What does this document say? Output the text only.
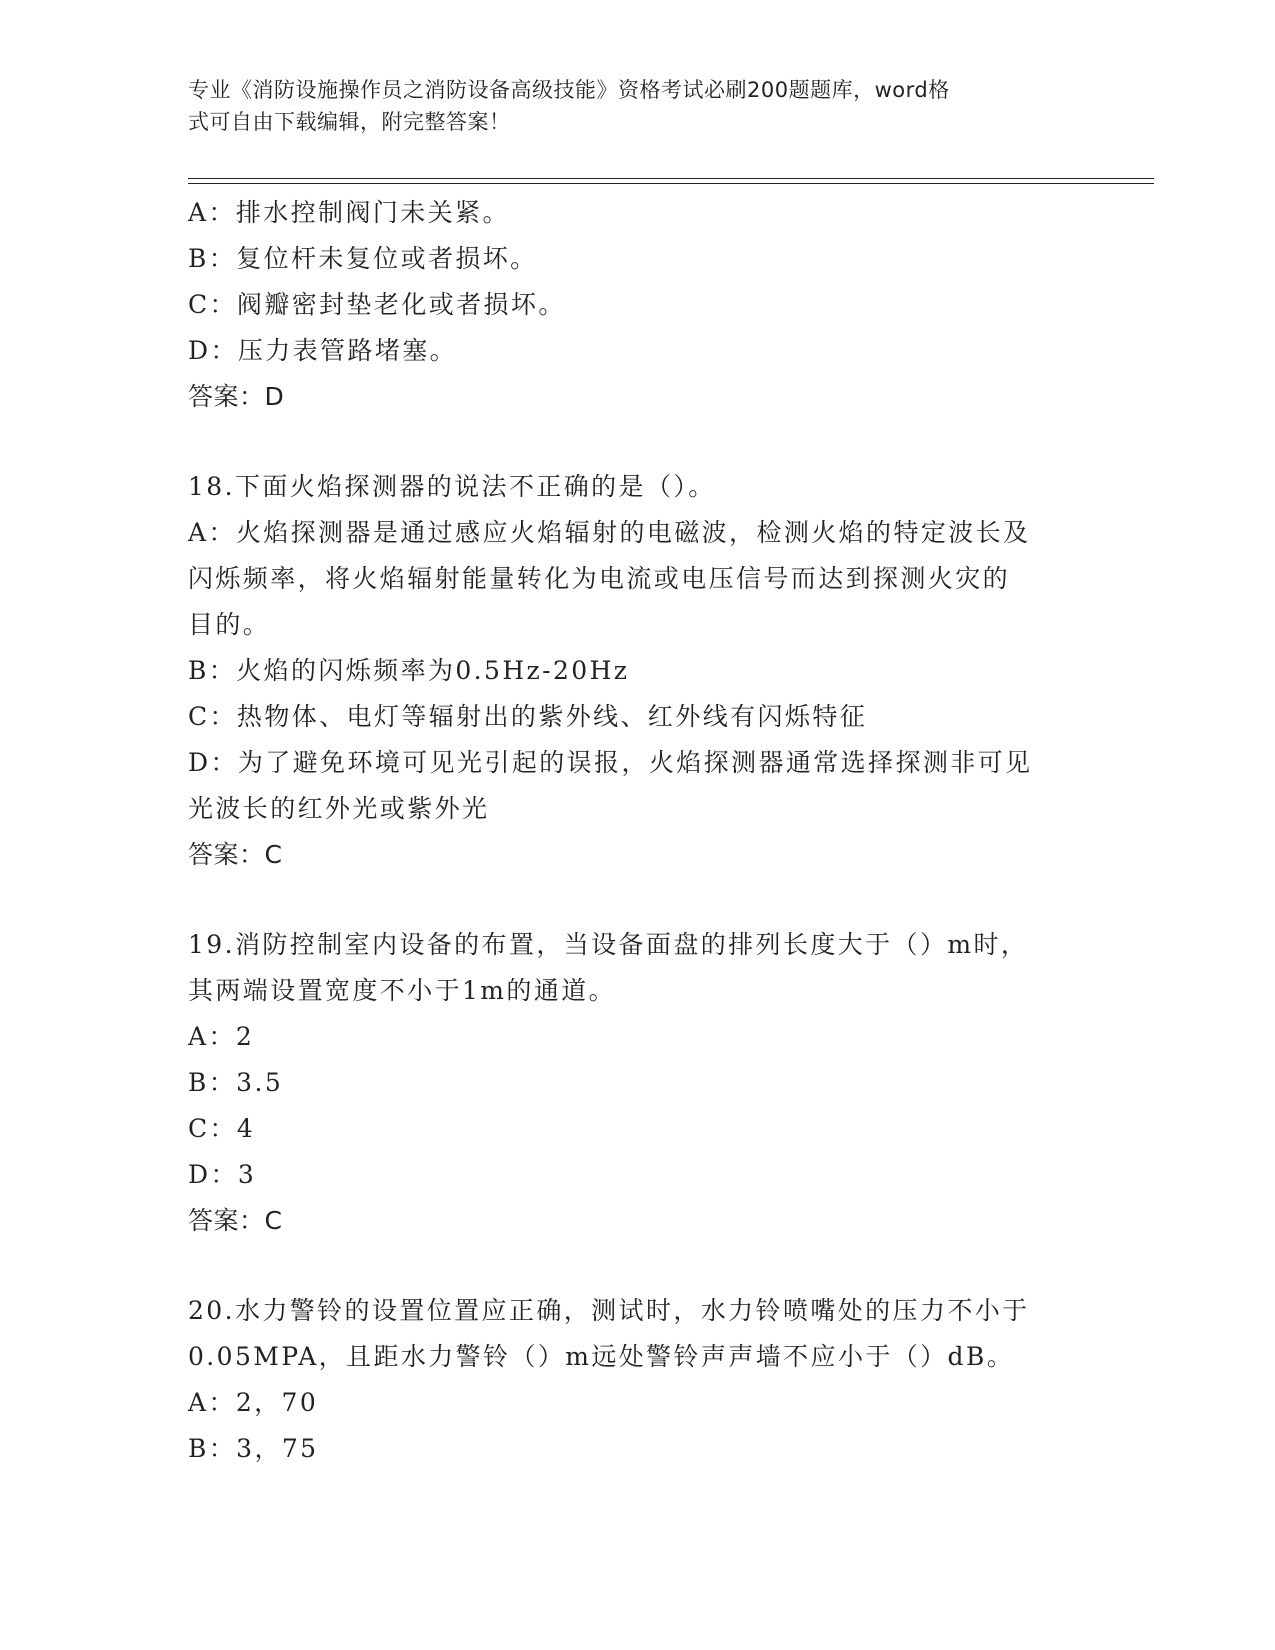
专业《消防设施操作员之消防设备高级技能》资格考试必刷200题题库，word格
式可自由下载编辑，附完整答案！
A：排水控制阀门未关紧。
B：复位杆未复位或者损坏。
C：阀瓣密封垫老化或者损坏。
D：压力表管路堵塞。
答案：D
18.下面火焰探测器的说法不正确的是（）。
A：火焰探测器是通过感应火焰辐射的电磁波，检测火焰的特定波长及
闪烁频率，将火焰辐射能量转化为电流或电压信号而达到探测火灾的
目的。
B：火焰的闪烁频率为0.5Hz-20Hz
C：热物体、电灯等辐射出的紫外线、红外线有闪烁特征
D：为了避免环境可见光引起的误报，火焰探测器通常选择探测非可见
光波长的红外光或紫外光
答案：C
19.消防控制室内设备的布置，当设备面盘的排列长度大于（）m时，
其两端设置宽度不小于1m的通道。
A：2
B：3.5
C：4
D：3
答案：C
20.水力警铃的设置位置应正确，测试时，水力铃喷嘴处的压力不小于
0.05MPA，且距水力警铃（）m远处警铃声声墙不应小于（）dB。
A：2，70
B：3，75
